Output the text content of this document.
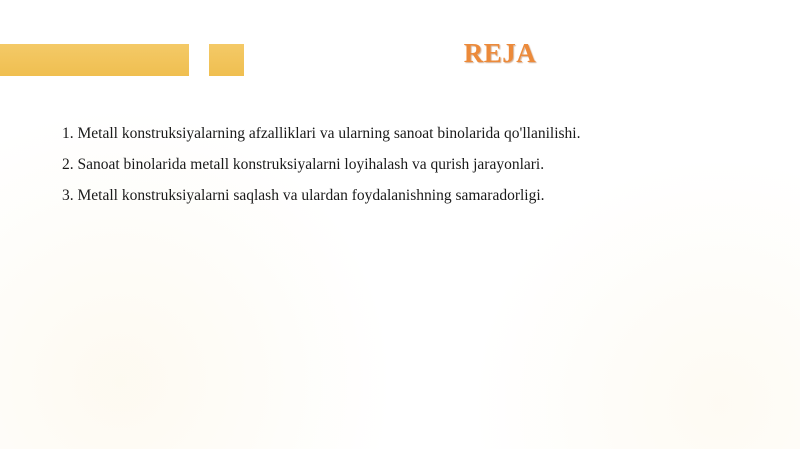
REJA
1. Metall konstruksiyalarning afzalliklari va ularning sanoat binolarida qo'llanilishi.
2. Sanoat binolarida metall konstruksiyalarni loyihalash va qurish jarayonlari.
3. Metall konstruksiyalarni saqlash va ulardan foydalanishning samaradorligi.
